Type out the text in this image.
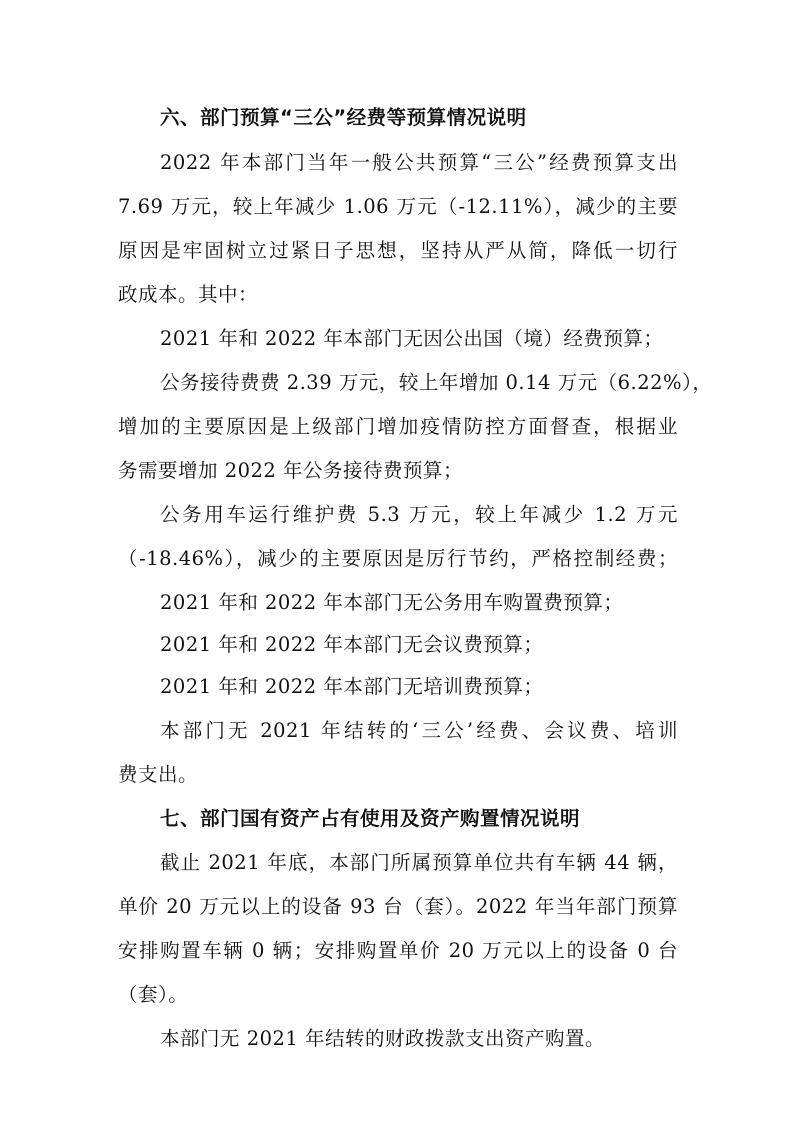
六、部门预算“三公”经费等预算情况说明
2022 年本部门当年一般公共预算“三公”经费预算支出
7.69 万元，较上年减少 1.06 万元（-12.11%），减少的主要
原因是牢固树立过紧日子思想，坚持从严从简，降低一切行
政成本。其中：
2021 年和 2022 年本部门无因公出国（境）经费预算；
公务接待费费 2.39 万元，较上年增加 0.14 万元（6.22%），
增加的主要原因是上级部门增加疫情防控方面督查，根据业
务需要增加 2022 年公务接待费预算；
公务用车运行维护费 5.3 万元，较上年减少 1.2 万元
（-18.46%），减少的主要原因是厉行节约，严格控制经费；
2021 年和 2022 年本部门无公务用车购置费预算；
2021 年和 2022 年本部门无会议费预算；
2021 年和 2022 年本部门无培训费预算；
本部门无 2021 年结转的‘三公’经费、会议费、培训
费支出。
七、部门国有资产占有使用及资产购置情况说明
截止 2021 年底，本部门所属预算单位共有车辆 44 辆，
单价 20 万元以上的设备 93 台（套）。2022 年当年部门预算
安排购置车辆 0 辆；安排购置单价 20 万元以上的设备 0 台
（套）。
本部门无 2021 年结转的财政拨款支出资产购置。
